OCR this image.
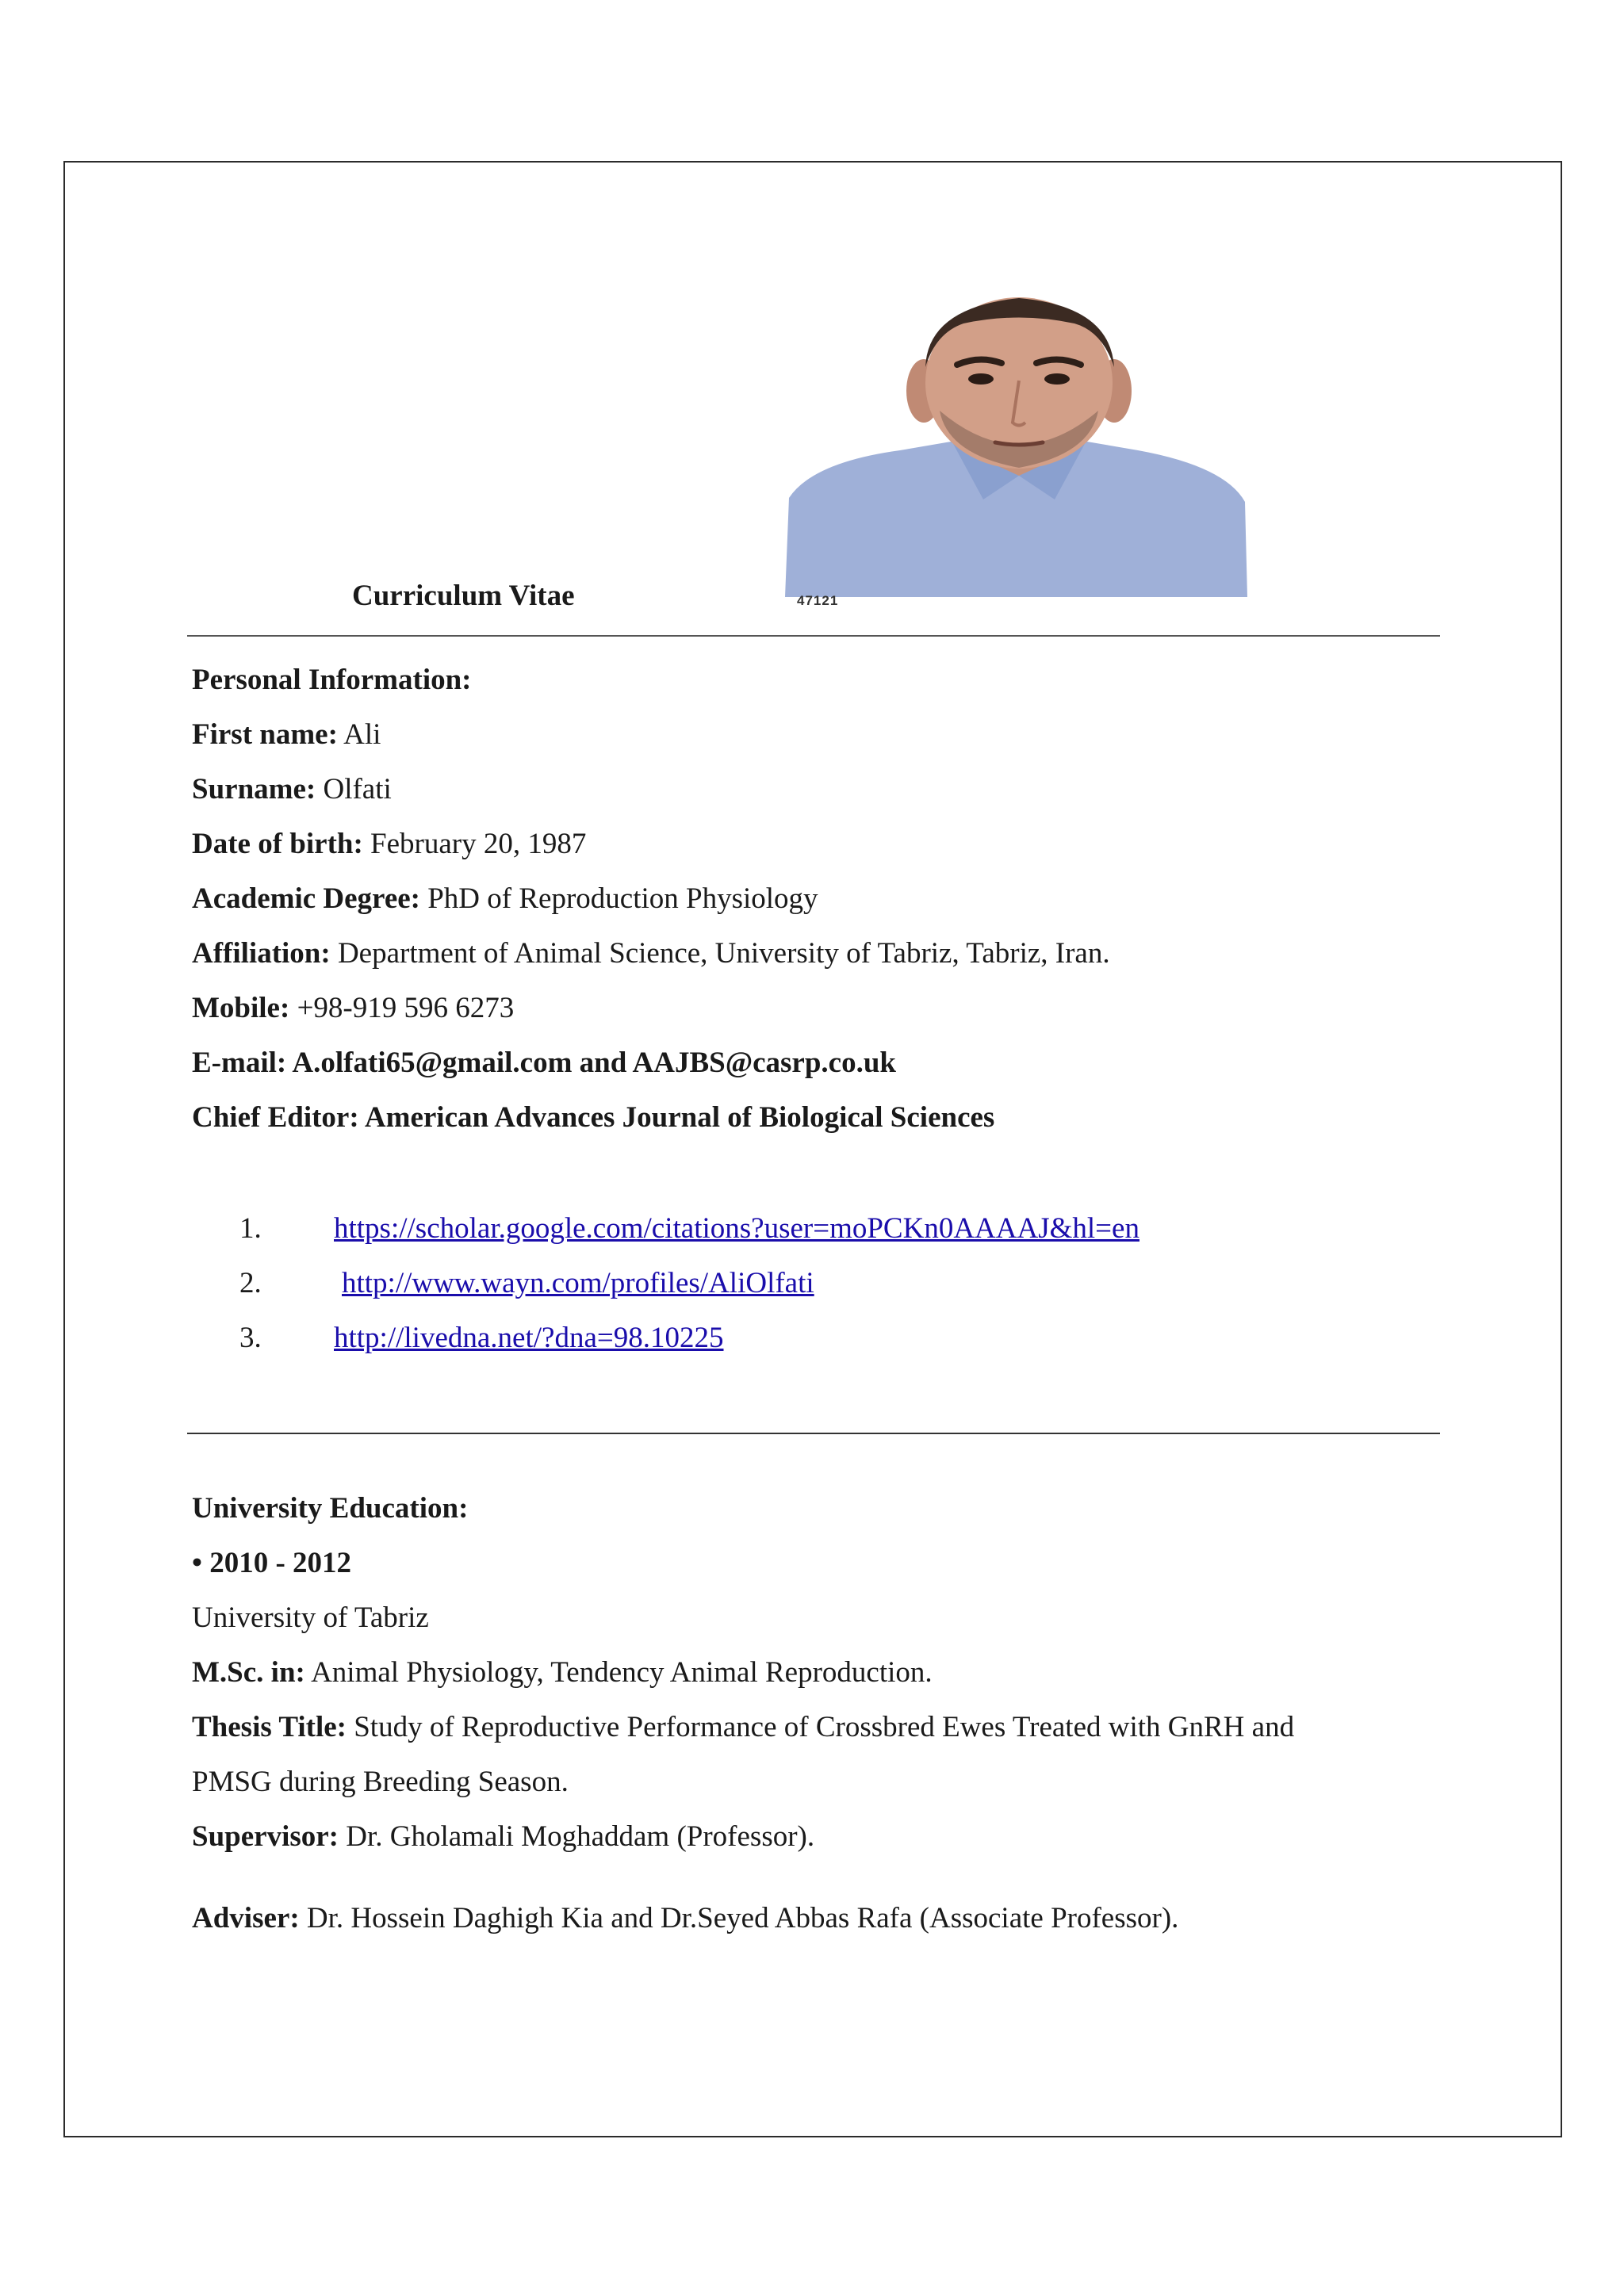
47121
Curriculum Vitae
Personal Information:
First name: Ali
Surname: Olfati
Date of birth: February 20, 1987
Academic Degree: PhD of Reproduction Physiology
Affiliation: Department of Animal Science, University of Tabriz, Tabriz, Iran.
Mobile: +98-919 596 6273
E-mail: A.olfati65@gmail.com and AAJBS@casrp.co.uk
Chief Editor: American Advances Journal of Biological Sciences
1. https://scholar.google.com/citations?user=moPCKn0AAAAJ&hl=en
2.	http://www.wayn.com/profiles/AliOlfati
3. http://livedna.net/?dna=98.10225
University Education:
• 2010 - 2012
University of Tabriz
M.Sc. in: Animal Physiology, Tendency Animal Reproduction.
Thesis Title: Study of Reproductive Performance of Crossbred Ewes Treated with GnRH and
PMSG during Breeding Season.
Supervisor: Dr. Gholamali Moghaddam (Professor).
Adviser: Dr. Hossein Daghigh Kia and Dr.Seyed Abbas Rafa (Associate Professor).
